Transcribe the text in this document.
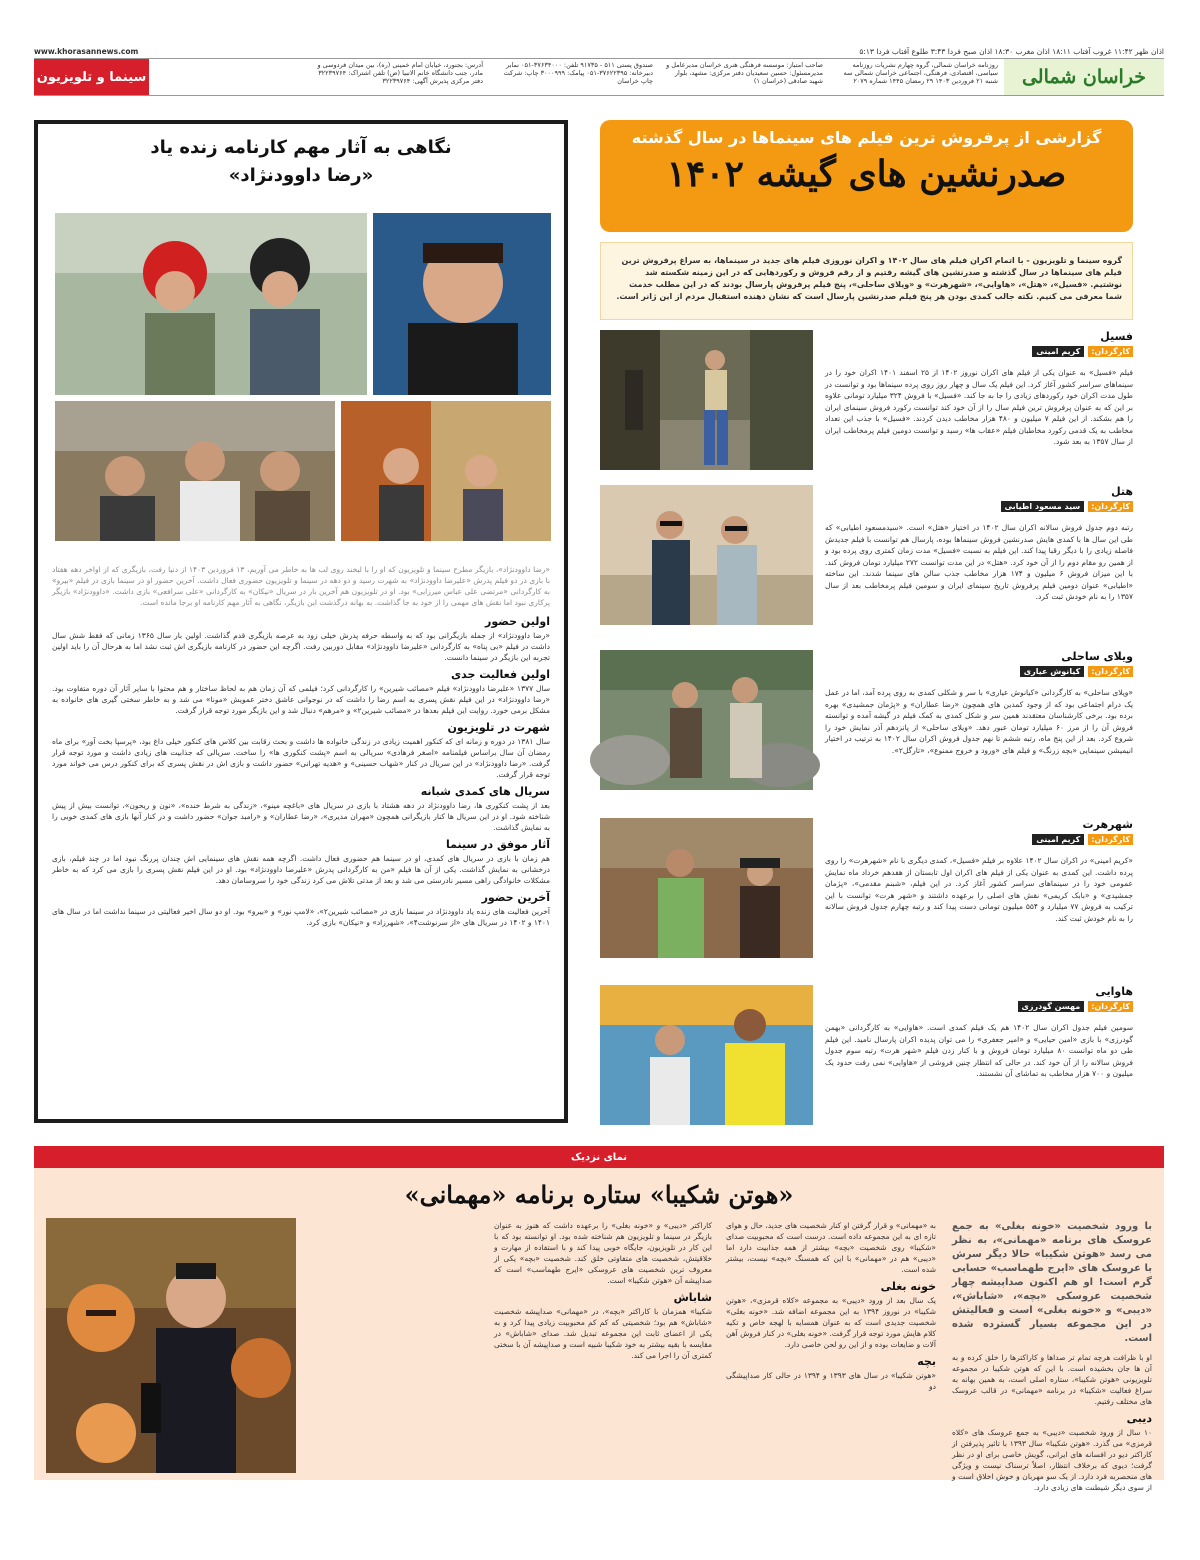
www.khorasannews.com	اذان ظهر ۱۱:۴۲ غروب آفتاب ۱۸:۱۱ اذان مغرب ۱۸:۳۰ اذان صبح فردا ۳:۴۳ طلوع آفتاب فردا ۵:۱۳
خراسان شمالی
روزنامه خراسان شمالی، گروه چهارم نشریات روزنامه سیاسی، اقتصادی، فرهنگی، اجتماعی خراسان شمالی سه شنبه ۲۱ فروردین ۱۴۰۳ ۲۹ رمضان ۱۴۴۵ شماره ۲۰۷۹
صاحب امتیاز: موسسه فرهنگی هنری خراسان مدیرعامل و مدیرمسئول: حسین سعیدیان دفتر مرکزی: مشهد، بلوار شهید صادقی (خراسان ۱)
صندوق پستی ۵۱۱ - ۹۱۷۳۵ تلفن: ۳۷۶۳۴۰۰۰-۰۵۱ نمابر دبیرخانه: ۳۷۶۲۲۳۹۵-۰۵۱ پیامک: ۳۰۰۰۹۹۹ چاپ: شرکت چاپ خراسان
آدرس: بجنورد، خیابان امام خمینی (ره)، بین میدان فردوسی و مادر، جنب دانشگاه خانم الانبیا (ص) تلفن اشتراک: ۳۲۲۳۹۷۶۴ دفتر مرکزی پذیرش آگهی: ۳۲۲۳۹۷۶۴
سینما و تلویزیون
گزارشی از پرفروش ترین فیلم های سینماها در سال گذشته
صدرنشین های گیشه ۱۴۰۲
گروه سینما و تلویزیون - با اتمام اکران فیلم های سال ۱۴۰۲ و اکران نوروزی فیلم های جدید در سینماها، به سراغ پرفروش ترین فیلم های سینماها در سال گذشته و صدرنشین های گیشه رفتیم و از رقم فروش و رکوردهایی که در این زمینه شکسته شد نوشتیم. «فسیل»، «هتل»، «هاوایی»، «شهرهرت» و «ویلای ساحلی»، پنج فیلم پرفروش پارسال بودند که در این مطلب خدمت شما معرفی می کنیم. نکته جالب کمدی بودن هر پنج فیلم صدرنشین پارسال است که نشان دهنده استقبال مردم از این ژانر است.
فسیل
کارگردان:
کریم امینی
فیلم «فسیل» به عنوان یکی از فیلم های اکران نوروز ۱۴۰۲ از ۲۵ اسفند ۱۴۰۱ اکران خود را در سینماهای سراسر کشور آغاز کرد. این فیلم یک سال و چهار روز روی پرده سینماها بود و توانست در طول مدت اکران خود رکوردهای زیادی را جا به جا کند. «فسیل» با فروش ۳۲۴ میلیارد تومانی علاوه بر این که به عنوان پرفروش ترین فیلم سال را از آن خود کند توانست رکورد فروش سینمای ایران را هم بشکند. از این فیلم ۷ میلیون و ۴۸۰ هزار مخاطب دیدن کردند. «فسیل» با جذب این تعداد مخاطب به یک قدمی رکورد مخاطبان فیلم «عقاب ها» رسید و توانست دومین فیلم پرمخاطب ایران از سال ۱۳۵۷ به بعد شود.
هتل
کارگردان:
سید مسعود اطیابی
رتبه دوم جدول فروش سالانه اکران سال ۱۴۰۲ در اختیار «هتل» است. «سیدمسعود اطیابی» که طی این سال ها با کمدی هایش صدرنشین فروش سینماها بوده، پارسال هم توانست با فیلم جدیدش فاصله زیادی را با دیگر رقبا پیدا کند. این فیلم به نسبت «فسیل» مدت زمان کمتری روی پرده بود و از همین رو مقام دوم را از آن خود کرد. «هتل» در این مدت توانست ۲۷۲ میلیارد تومان فروش کند. با این میزان فروش ۶ میلیون و ۱۷۴ هزار مخاطب جذب سالن های سینما شدند. این ساخته «اطیابی» عنوان دومین فیلم پرفروش تاریخ سینمای ایران و سومین فیلم پرمخاطب بعد از سال ۱۳۵۷ را به نام خودش ثبت کرد.
ویلای ساحلی
کارگردان:
کیانوش عیاری
«ویلای ساحلی» به کارگردانی «کیانوش عیاری» با سر و شکلی کمدی به روی پرده آمد، اما در عمل یک درام اجتماعی بود که از وجود کمدین های همچون «رضا عطاران» و «پژمان جمشیدی» بهره برده بود. برخی کارشناسان معتقدند همین سر و شکل کمدی به کمک فیلم در گیشه آمده و توانسته فروش آن را از مرز ۶۰ میلیارد تومان عبور دهد. «ویلای ساحلی» از پانزدهم آذر نمایش خود را شروع کرد. بعد از این پنج ماه، رتبه ششم تا نهم جدول فروش اکران سال ۱۴۰۲ به ترتیب در اختیار انیمیشن سینمایی «بچه زرنگ» و فیلم های «ورود و خروج ممنوع»، «تارگل۲».
شهرهرت
کارگردان:
کریم امینی
«کریم امینی» در اکران سال ۱۴۰۲ علاوه بر فیلم «فسیل»، کمدی دیگری با نام «شهرهرت» را روی پرده داشت. این کمدی به عنوان یکی از فیلم های اکران اول تابستان از هفدهم خرداد ماه نمایش عمومی خود را در سینماهای سراسر کشور آغاز کرد. در این فیلم، «شبنم مقدمی»، «پژمان جمشیدی» و «بابک کریمی» نقش های اصلی را برعهده داشتند و «شهر هرت» توانست با این ترکیب به فروش ۷۷ میلیارد و ۵۵۴ میلیون تومانی دست پیدا کند و رتبه چهارم جدول فروش سالانه را به نام خودش ثبت کند.
هاوایی
کارگردان:
مهسن گودرزی
سومین فیلم جدول اکران سال ۱۴۰۲ هم یک فیلم کمدی است. «هاوایی» به کارگردانی «بهمن گودرزی» با بازی «امین حیایی» و «امیر جعفری» را می توان پدیده اکران پارسال نامید. این فیلم طی دو ماه توانست ۸۰ میلیارد تومان فروش و با کنار زدن فیلم «شهر هرت» رتبه سوم جدول فروش سالانه را از آن خود کند. در حالی که انتظار چنین فروشی از «هاوایی» نمی رفت حدود یک میلیون و ۷۰۰ هزار مخاطب به تماشای آن نشستند.
نگاهی به آثار مهم کارنامه زنده یاد
«رضا داوودنژاد»
«رضا داوودنژاد»، بازیگر مطرح سینما و تلویزیون که او را با لبخند روی لب ها به خاطر می آوریم، ۱۳ فروردین ۱۴۰۳ از دنیا رفت، بازیگری که از اواخر دهه هفتاد با بازی در دو فیلم پدرش «علیرضا داوودنژاد» به شهرت رسید و دو دهه در سینما و تلویزیون حضوری فعال داشت. آخرین حضور او در سینما بازی در فیلم «بیرو» به کارگردانی «مرتضی علی عباس میرزایی» بود. او در تلویزیون هم آخرین بار در سریال «نیکان» به کارگردانی «علی سرافعی» بازی داشت. «داوودنژاد» بازیگر پرکاری نبود اما نقش های مهمی را از خود به جا گذاشت. به بهانه درگذشت این بازیگر، نگاهی به آثار مهم کارنامه او برجا مانده است.
اولین حضور

«رضا داوودنژاد» از جمله بازیگرانی بود که به واسطه حرفه پدرش خیلی زود به عرصه بازیگری قدم گذاشت. اولین بار سال ۱۳۶۵ زمانی که فقط شش سال داشت در فیلم «بی پناه» به کارگردانی «علیرضا داوودنژاد» مقابل دوربین رفت. اگرچه این حضور در کارنامه بازیگری اش ثبت نشد اما به هرحال آن را باید اولین تجربه این بازیگر در سینما دانست.

اولین فعالیت جدی

سال ۱۳۷۷ «علیرضا داوودنژاد» فیلم «مصائب شیرین» را کارگردانی کرد؛ فیلمی که آن زمان هم به لحاظ ساختار و هم محتوا با سایر آثار آن دوره متفاوت بود. «رضا داوودنژاد» در این فیلم نقش پسری به اسم رضا را داشت که در نوجوانی عاشق دختر عمویش «مونا» می شد و به خاطر سختی گیری های خانواده به مشکل برمی خورد. روایت این فیلم بعدها در «مصائب شیرین۲» و «مرهم» دنبال شد و این بازیگر مورد توجه قرار گرفت.

شهرت در تلویزیون

سال ۱۳۸۱ در دوره و زمانه ای که کنکور اهمیت زیادی در زندگی خانواده ها داشت و بحث رقابت بین کلاس های کنکور خیلی داغ بود، «پرسپا بخت آور» برای ماه رمضان آن سال براساس فیلمنامه «اصغر فرهادی» سریالی به اسم «پشت کنکوری ها» را ساخت. سریالی که جذابیت های زیادی داشت و مورد توجه قرار گرفت. «رضا داوودنژاد» در این سریال در کنار «شهاب حسینی» و «هدیه تهرانی» حضور داشت و بازی اش در نقش پسری که برای کنکور درس می خواند مورد توجه قرار گرفت.

سریال های کمدی شبانه

بعد از پشت کنکوری ها، رضا داوودنژاد در دهه هشتاد با بازی در سریال های «باغچه مینو»، «زندگی به شرط خنده»، «نون و ریحون»، توانست بیش از پیش شناخته شود. او در این سریال ها کنار بازیگرانی همچون «مهران مدیری»، «رضا عطاران» و «رامبد جوان» حضور داشت و در کنار آنها بازی های کمدی خوبی را به نمایش گذاشت.

آثار موفق در سینما

هم زمان با بازی در سریال های کمدی، او در سینما هم حضوری فعال داشت. اگرچه همه نقش های سینمایی اش چندان پررنگ نبود اما در چند فیلم، بازی درخشانی به نمایش گذاشت. یکی از آن ها فیلم «من به کارگردانی پدرش «علیرضا داوودنژاد» بود. او در این فیلم نقش پسری را بازی می کرد که به خاطر مشکلات خانوادگی راهی مسیر نادرستی می شد و بعد از مدتی تلاش می کرد زندگی خود را سروسامان دهد.

آخرین حضور

آخرین فعالیت های زنده یاد داوودنژاد در سینما بازی در «مصائب شیرین۲»، «لامپ نور» و «بیرو» بود. او دو سال اخیر فعالیتی در سینما نداشت اما در سال های ۱۴۰۱ و ۱۴۰۲ در سریال های «از سرنوشت۴»، «شهرزاد» و «نیکان» بازی کرد.

نمای نزدیک
«هوتن شکیبا» ستاره برنامه «مهمانی»
با ورود شخصیت «خونه بغلی» به جمع عروسک های برنامه «مهمانی»، به نظر می رسد «هوتن شکیبا» حالا دیگر سرش با عروسک های «ایرج طهماسب» حسابی گرم است! او هم اکنون صداپیشه چهار شخصیت عروسکی «بچه»، «شاباش»، «دیبی» و «خونه بغلی» است و فعالیتش در این مجموعه بسیار گسترده شده است.

او با ظرافت هرچه تمام تر صداها و کاراکترها را خلق کرده و به آن ها جان بخشیده است. با این که هوتن شکیبا در مجموعه تلویزیونی «هوتن شکیبا»، ستاره اصلی است، به همین بهانه به سراغ فعالیت «شکیبا» در برنامه «مهمانی» در قالب عروسک های مختلف رفتیم.

دیبی

۱۰ سال از ورود شخصیت «دیبی» به جمع عروسک های «کلاه قرمزی» می گذرد. «هوتن شکیبا» سال ۱۳۹۳ با تاثیر پذیرفتن از کاراکتر دیو در افسانه های ایرانی، گویش خاصی برای او در نظر گرفت؛ دیوی که برخلاف انتظار، اصلاً ترسناک نیست و ویژگی های منحصربه فرد دارد. از یک سو مهربان و خوش اخلاق است و از سوی دیگر شیطنت های زیادی دارد.

به «مهمانی» و قرار گرفتن او کنار شخصیت های جدید، حال و هوای تازه ای به این مجموعه داده است. درست است که محبوبیت صدای «شکیبا» روی شخصیت «بچه» بیشتر از همه جذابیت دارد اما «دیبی» هم در «مهمانی» با این که همسنگ «بچه» نیست، بیشتر شده است.

خونه بغلی

یک سال بعد از ورود «دیبی» به مجموعه «کلاه قرمزی»، «هوتن شکیبا» در نوروز ۱۳۹۴ به این مجموعه اضافه شد. «خونه بغلی» شخصیت جدیدی است که به عنوان همسایه با لهجه خاص و تکیه کلام هایش مورد توجه قرار گرفت. «خونه بغلی» در کنار فروش آهن آلات و ضایعات بوده و از این رو لحن خاصی دارد.

بچه

«هوتن شکیبا» در سال های ۱۳۹۳ و ۱۳۹۴ در حالی کار صداپیشگی دو

کاراکتر «دیبی» و «خونه بغلی» را برعهده داشت که هنوز به عنوان بازیگر در سینما و تلویزیون هم شناخته شده بود. او توانسته بود که با این کار در تلویزیون، جایگاه خوبی پیدا کند و با استفاده از مهارت و خلاقیتش، شخصیت های متفاوتی خلق کند. شخصیت «بچه» یکی از معروف ترین شخصیت های عروسکی «ایرج طهماسب» است که صداپیشه آن «هوتن شکیبا» است.

شاباش

شکیبا» همزمان با کاراکتر «بچه»، در «مهمانی» صداپیشه شخصیت «شاباش» هم بود؛ شخصیتی که کم کم محبوبیت زیادی پیدا کرد و به یکی از اعضای ثابت این مجموعه تبدیل شد. صدای «شاباش» در مقایسه با بقیه بیشتر به خود شکیبا شبیه است و صداپیشه آن با سختی کمتری آن را اجرا می کند.
